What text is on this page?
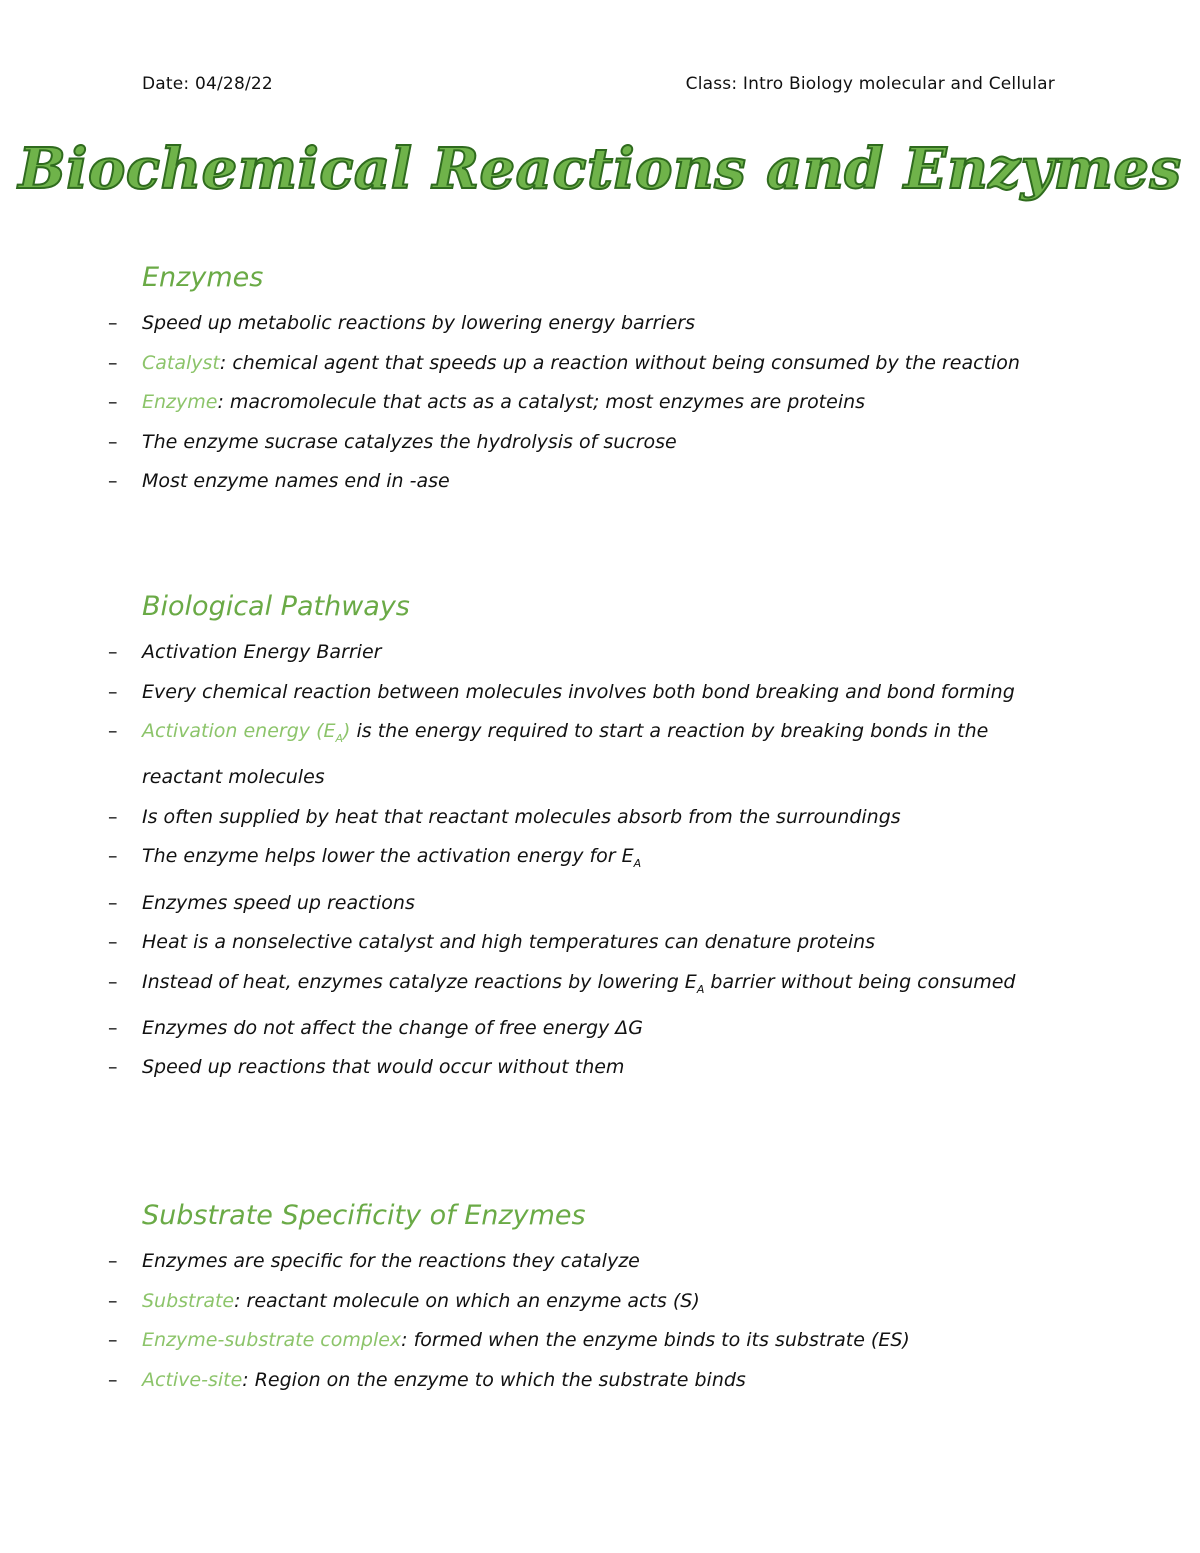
Date: 04/28/22	Class: Intro Biology molecular and Cellular
Biochemical Reactions and Enzymes
Enzymes
– Speed up metabolic reactions by lowering energy barriers
– Catalyst: chemical agent that speeds up a reaction without being consumed by the reaction
– Enzyme: macromolecule that acts as a catalyst; most enzymes are proteins
– The enzyme sucrase catalyzes the hydrolysis of sucrose
– Most enzyme names end in -ase
Biological Pathways
– Activation Energy Barrier
– Every chemical reaction between molecules involves both bond breaking and bond forming
– Activation energy $(E_A)$ is the energy required to start a reaction by breaking bonds in the reactant molecules
– Is often supplied by heat that reactant molecules absorb from the surroundings
– The enzyme helps lower the activation energy for $E_A$
– Enzymes speed up reactions
– Heat is a nonselective catalyst and high temperatures can denature proteins
– Instead of heat, enzymes catalyze reactions by lowering $E_A$ barrier without being consumed
– Enzymes do not affect the change of free energy ΔG
– Speed up reactions that would occur without them
Substrate Specificity of Enzymes
– Enzymes are specific for the reactions they catalyze
– Substrate: reactant molecule on which an enzyme acts (S)
– Enzyme-substrate complex: formed when the enzyme binds to its substrate (ES)
– Active-site: Region on the enzyme to which the substrate binds
